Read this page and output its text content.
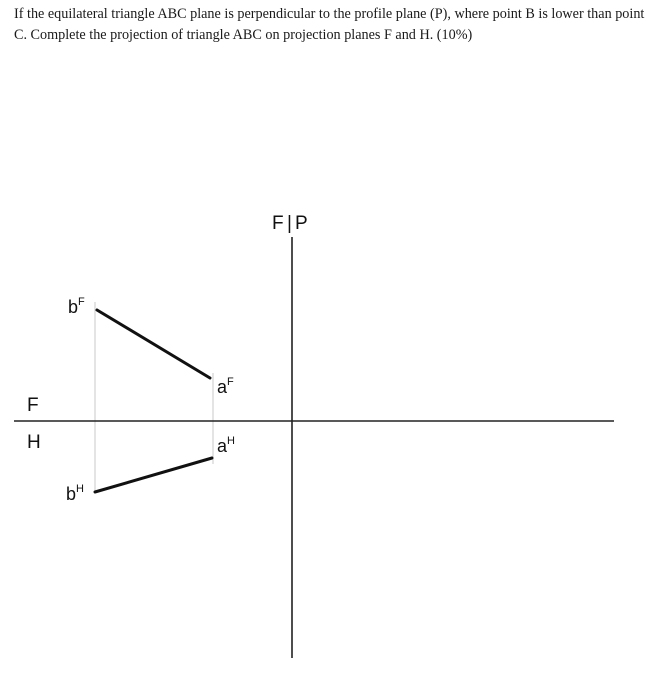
If the equilateral triangle ABC plane is perpendicular to the profile plane (P), where point B is lower than point

C. Complete the projection of triangle ABC on projection planes F and H. (10%)

F | P
F
H
$b^F$
$a^F$
$a^H$
$b^H$
